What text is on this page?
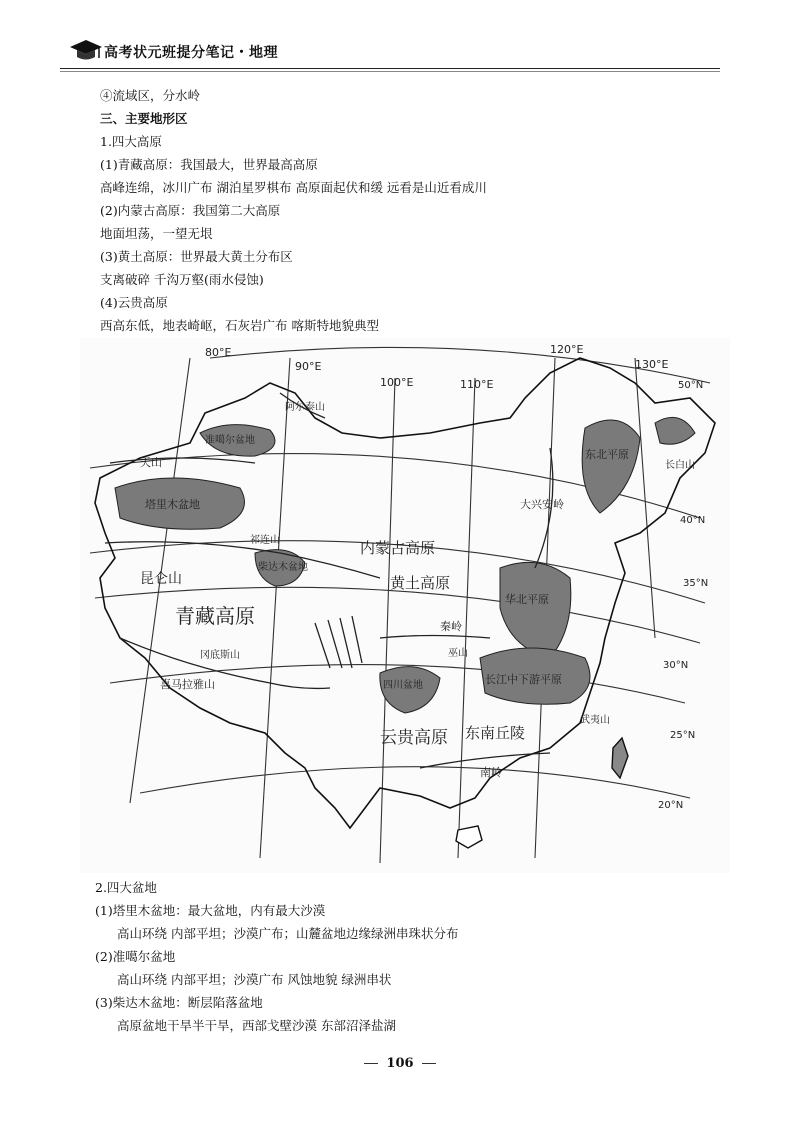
高考状元班提分笔记・地理
④流域区，分水岭
三、主要地形区
1.四大高原
(1)青藏高原：我国最大，世界最高高原
高峰连绵，冰川广布 湖泊星罗棋布 高原面起伏和缓 远看是山近看成川
(2)内蒙古高原：我国第二大高原
地面坦荡，一望无垠
(3)黄土高原：世界最大黄土分布区
支离破碎 千沟万壑(雨水侵蚀)
(4)云贵高原
西高东低，地表崎岖，石灰岩广布 喀斯特地貌典型
80°E
90°E
100°E	110°E
120°E
130°E
50°N
40°N
35°N
30°N
25°N
20°N
昆仑山
天山
喜马拉雅山
青藏高原
内蒙古高原
黄土高原
云贵高原
准噶尔盆地
塔里木盆地
柴达木盆地
四川盆地
东北平原
华北平原
长江中下游平原
东南丘陵
秦岭
大兴安岭
长白山
南岭
阿尔泰山
祁连山
巫山
武夷山
冈底斯山
2.四大盆地
(1)塔里木盆地：最大盆地，内有最大沙漠
高山环绕 内部平坦；沙漠广布；山麓盆地边缘绿洲串珠状分布
(2)准噶尔盆地
高山环绕 内部平坦；沙漠广布 风蚀地貌 绿洲串状
(3)柴达木盆地：断层陷落盆地
高原盆地干旱半干旱，西部戈壁沙漠 东部沼泽盐湖
106
